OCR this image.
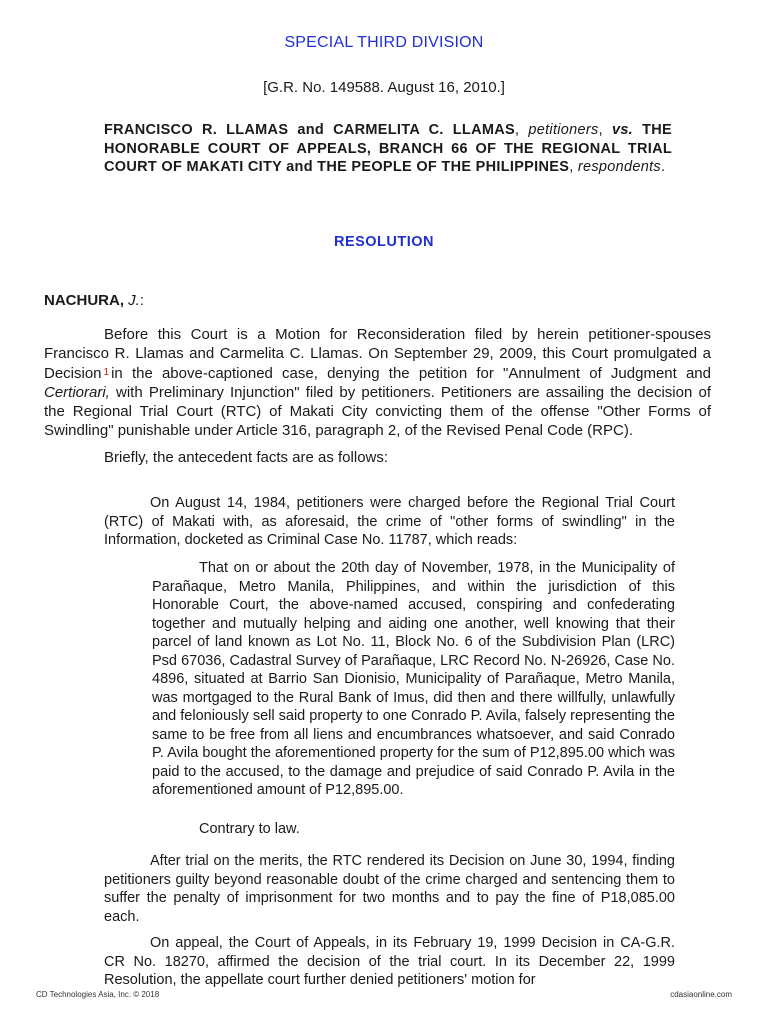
SPECIAL THIRD DIVISION
[G.R. No. 149588. August 16, 2010.]
FRANCISCO R. LLAMAS and CARMELITA C. LLAMAS, petitioners, vs. THE HONORABLE COURT OF APPEALS, BRANCH 66 OF THE REGIONAL TRIAL COURT OF MAKATI CITY and THE PEOPLE OF THE PHILIPPINES, respondents.
RESOLUTION
NACHURA, J.:

Before this Court is a Motion for Reconsideration filed by herein petitioner-spouses Francisco R. Llamas and Carmelita C. Llamas. On September 29, 2009, this Court promulgated a Decision $^1$ in the above-captioned case, denying the petition for "Annulment of Judgment and Certiorari, with Preliminary Injunction" filed by petitioners. Petitioners are assailing the decision of the Regional Trial Court (RTC) of Makati City convicting them of the offense "Other Forms of Swindling" punishable under Article 316, paragraph 2, of the Revised Penal Code (RPC).

Briefly, the antecedent facts are as follows:

On August 14, 1984, petitioners were charged before the Regional Trial Court (RTC) of Makati with, as aforesaid, the crime of "other forms of swindling" in the Information, docketed as Criminal Case No. 11787, which reads:

That on or about the 20th day of November, 1978, in the Municipality of Parañaque, Metro Manila, Philippines, and within the jurisdiction of this Honorable Court, the above-named accused, conspiring and confederating together and mutually helping and aiding one another, well knowing that their parcel of land known as Lot No. 11, Block No. 6 of the Subdivision Plan (LRC) Psd 67036, Cadastral Survey of Parañaque, LRC Record No. N-26926, Case No. 4896, situated at Barrio San Dionisio, Municipality of Parañaque, Metro Manila, was mortgaged to the Rural Bank of Imus, did then and there willfully, unlawfully and feloniously sell said property to one Conrado P. Avila, falsely representing the same to be free from all liens and encumbrances whatsoever, and said Conrado P. Avila bought the aforementioned property for the sum of P12,895.00 which was paid to the accused, to the damage and prejudice of said Conrado P. Avila in the aforementioned amount of P12,895.00.

Contrary to law.

After trial on the merits, the RTC rendered its Decision on June 30, 1994, finding petitioners guilty beyond reasonable doubt of the crime charged and sentencing them to suffer the penalty of imprisonment for two months and to pay the fine of P18,085.00 each.

On appeal, the Court of Appeals, in its February 19, 1999 Decision in CA-G.R. CR No. 18270, affirmed the decision of the trial court. In its December 22, 1999 Resolution, the appellate court further denied petitioners' motion for

CD Technologies Asia, Inc. © 2018	cdasiaonline.com
